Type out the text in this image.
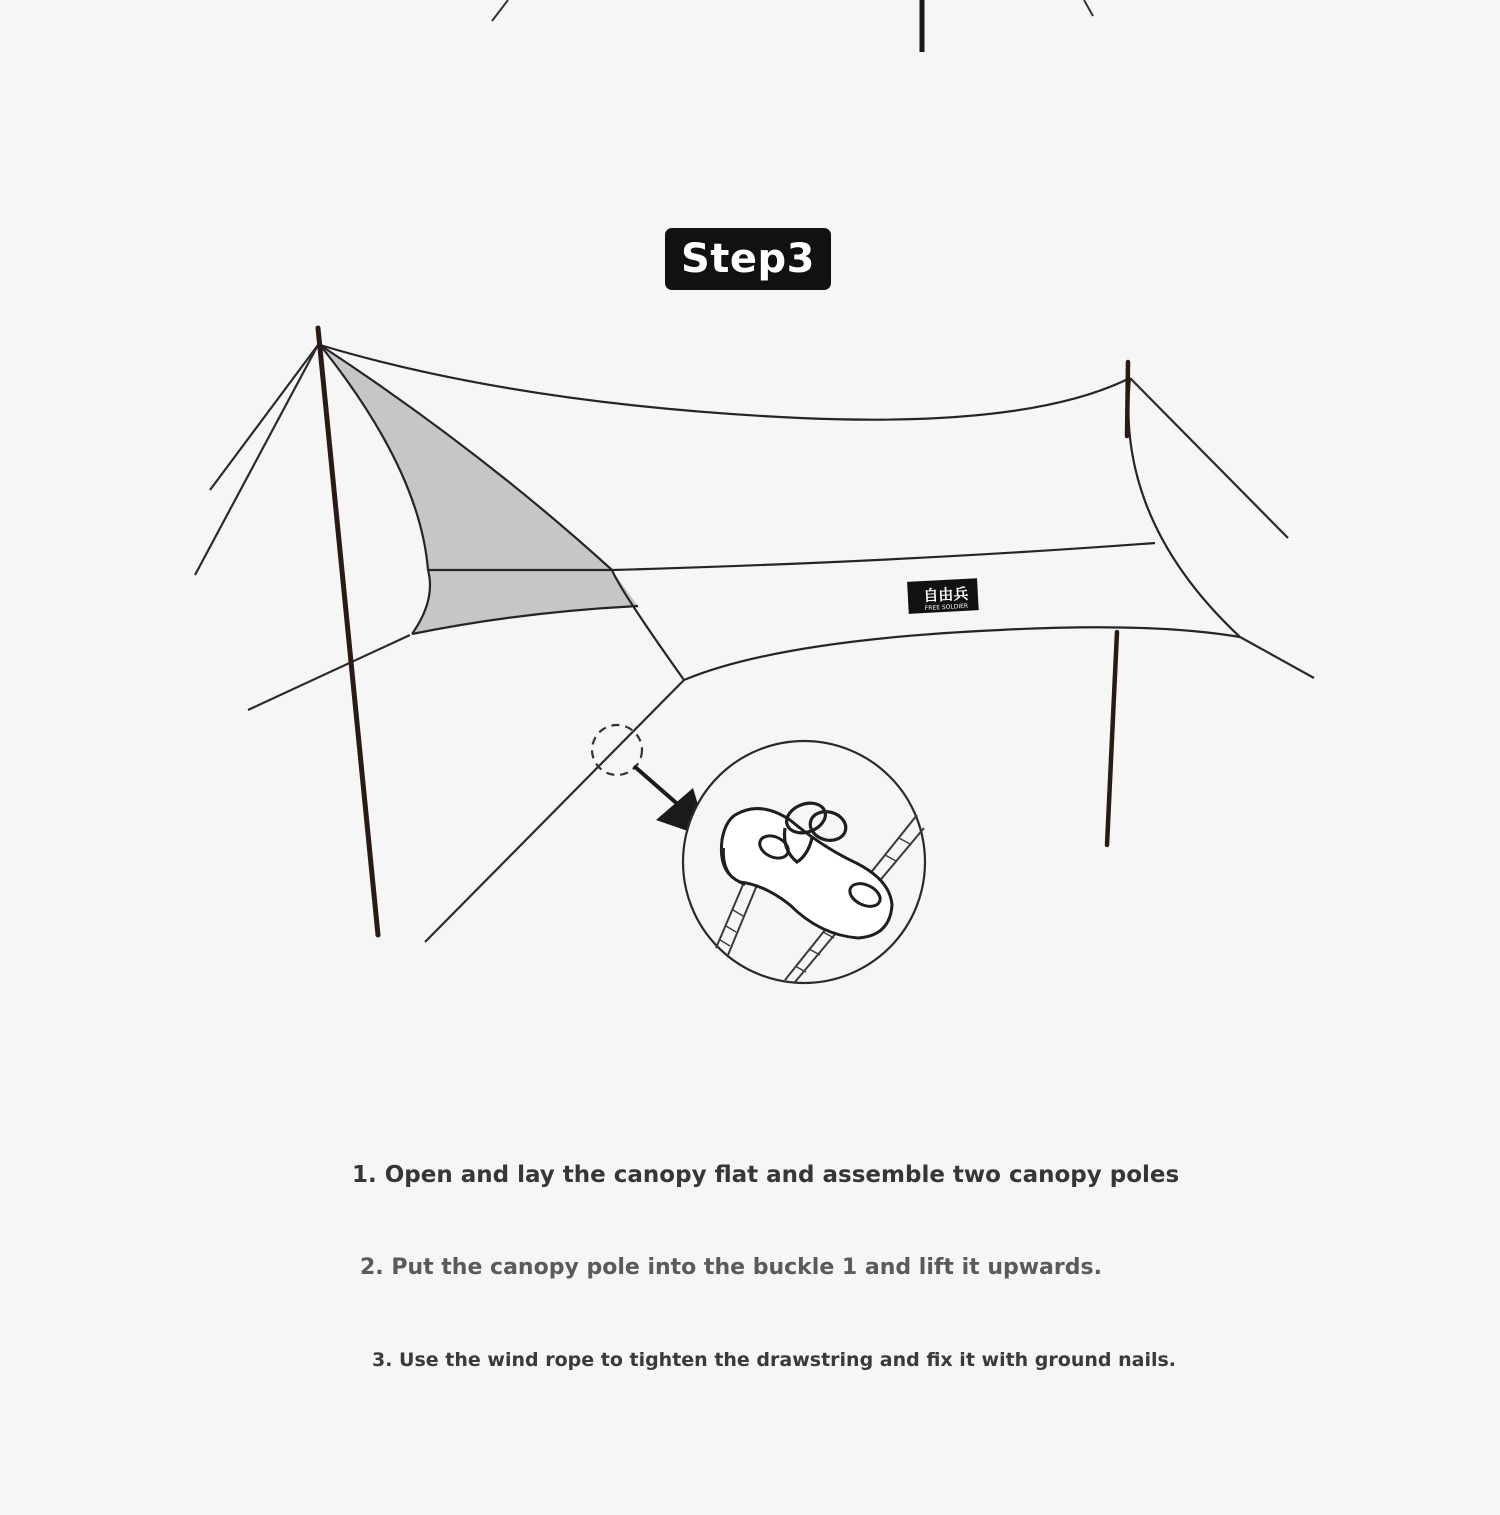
自由兵
FREE SOLDIER
Step3

1. Open and lay the canopy flat and assemble two canopy poles

2. Put the canopy pole into the buckle 1 and lift it upwards.

3. Use the wind rope to tighten the drawstring and fix it with ground nails.
